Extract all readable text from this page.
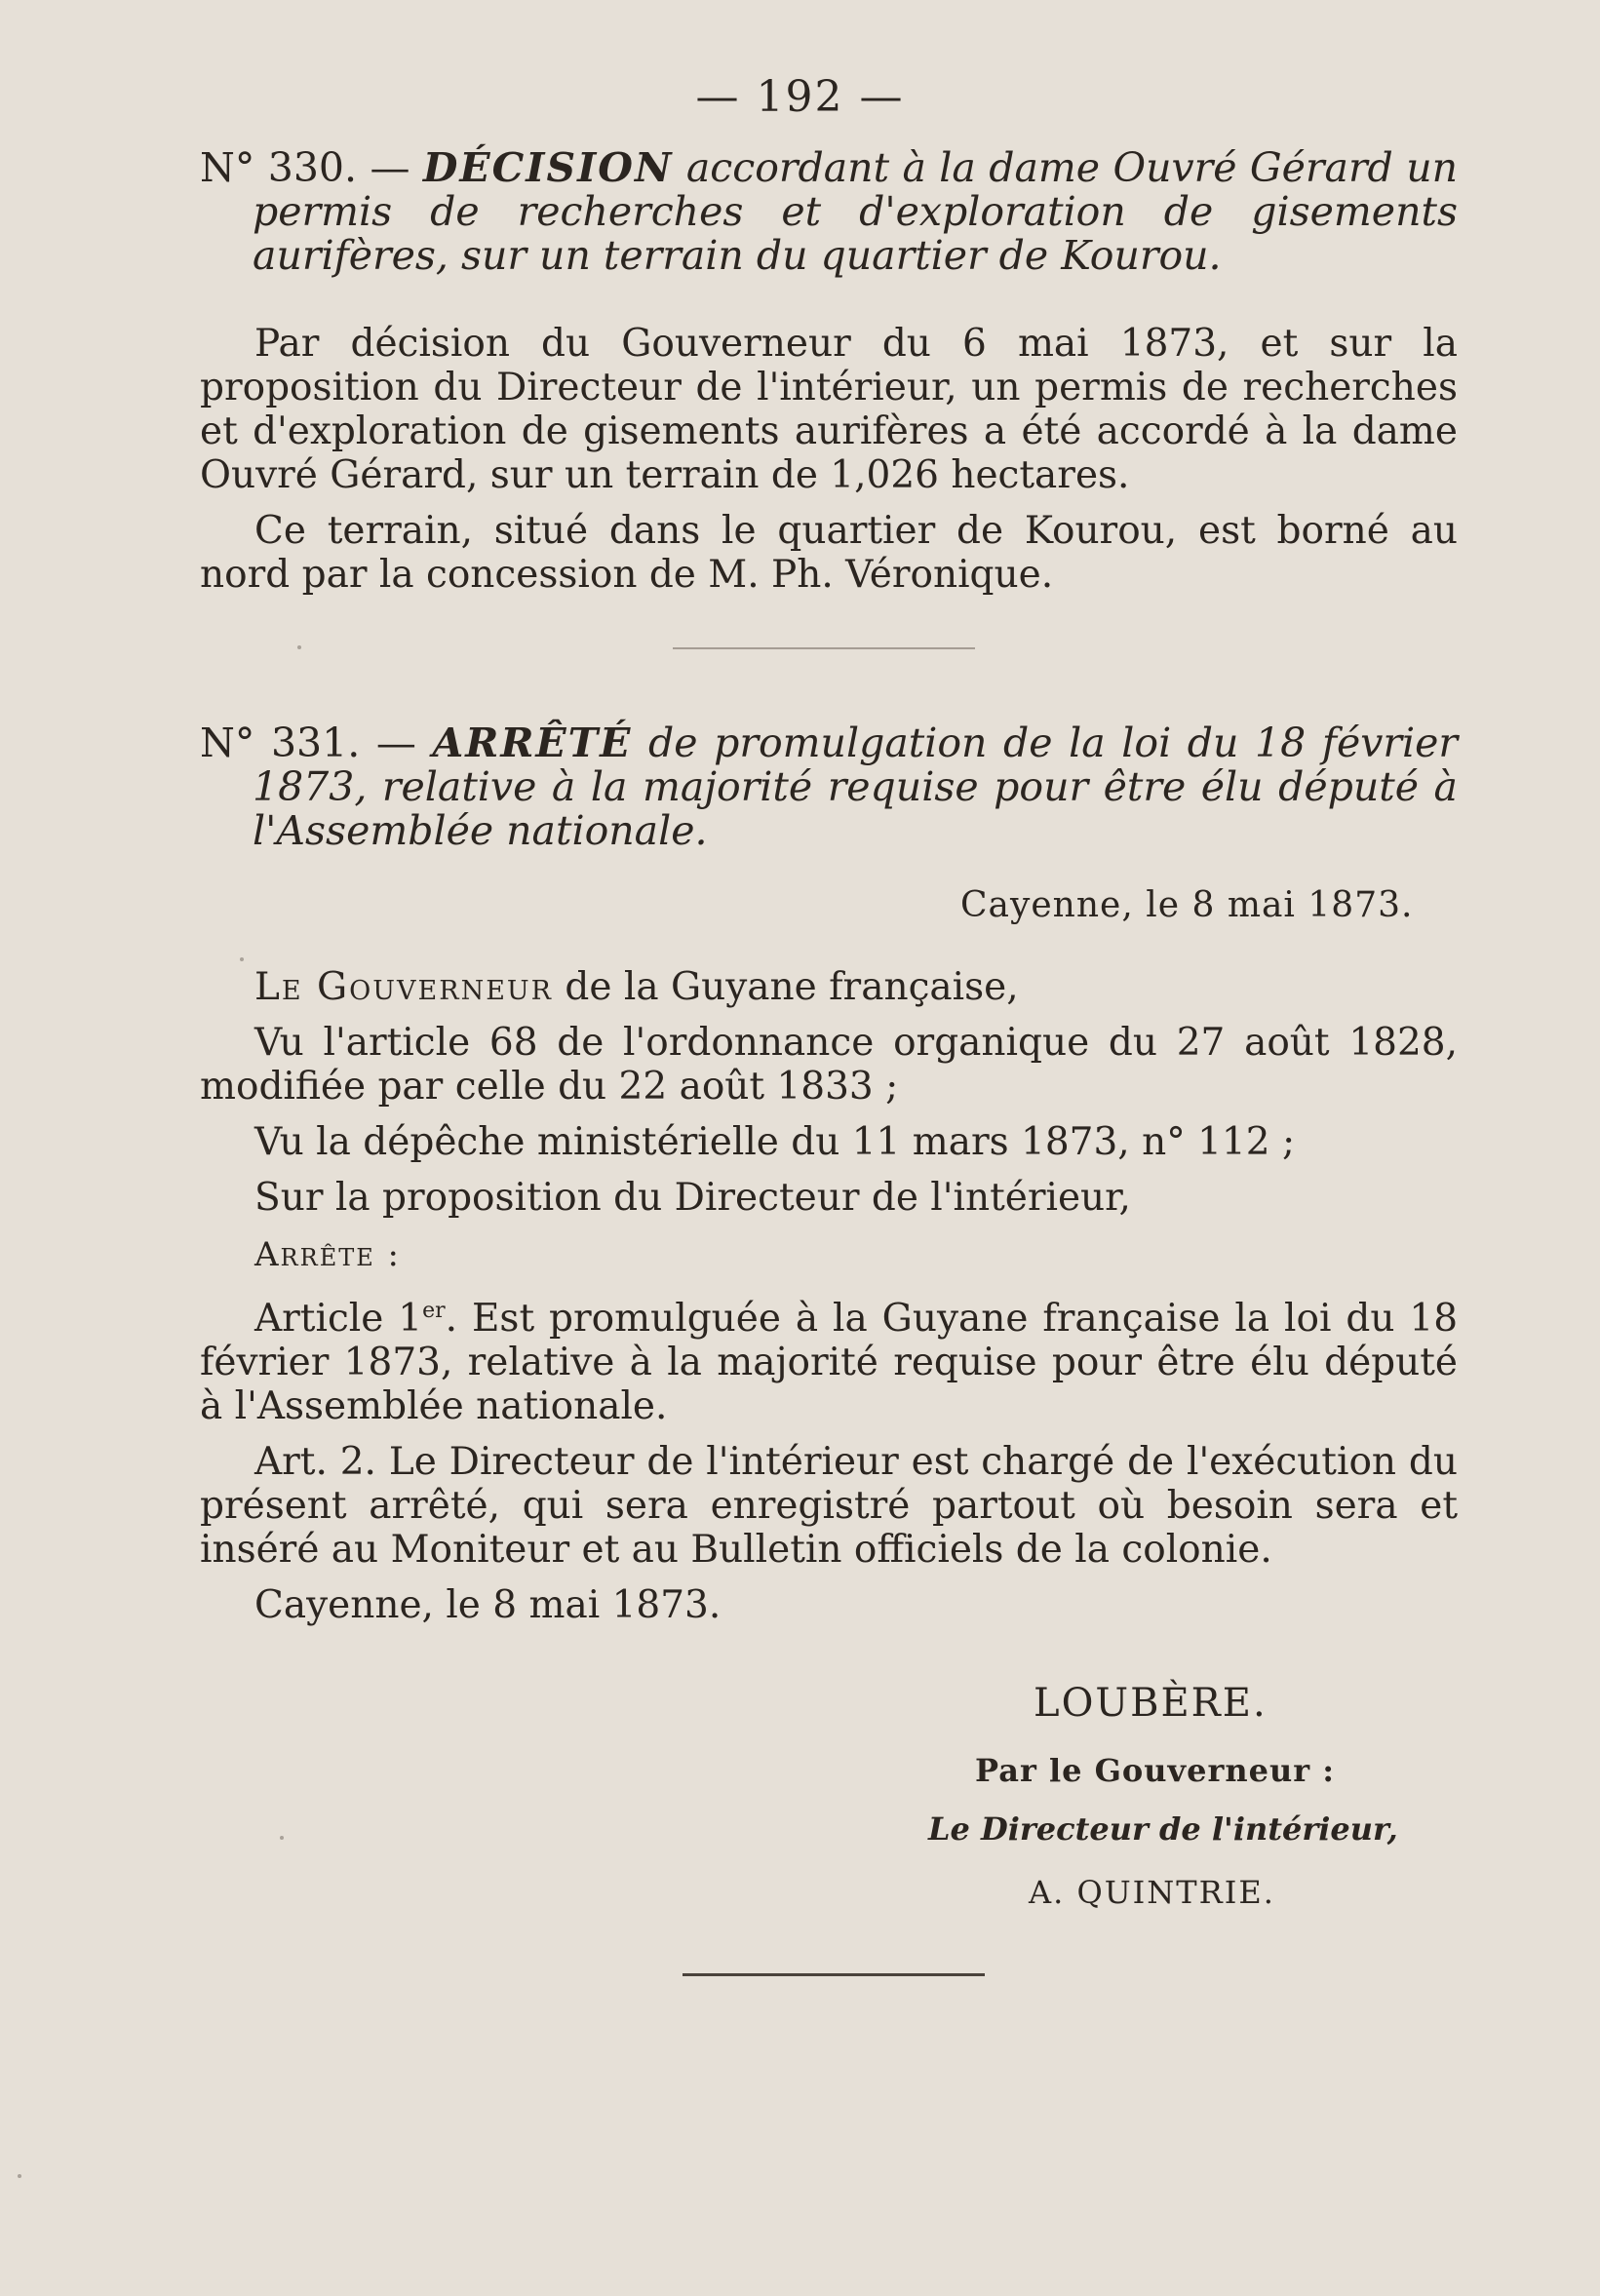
— 192 —
N° 330. — DÉCISION accordant à la dame Ouvré Gérard un permis de recherches et d'exploration de gisements aurifères, sur un terrain du quartier de Kourou.

Par décision du Gouverneur du 6 mai 1873, et sur la proposition du Directeur de l'intérieur, un permis de recherches et d'exploration de gisements aurifères a été accordé à la dame Ouvré Gérard, sur un terrain de 1,026 hectares.

Ce terrain, situé dans le quartier de Kourou, est borné au nord par la concession de M. Ph. Véronique.

N° 331. — ARRÊTÉ de promulgation de la loi du 18 février 1873, relative à la majorité requise pour être élu député à l'Assemblée nationale.
Cayenne, le 8 mai 1873.

Le Gouverneur de la Guyane française,

Vu l'article 68 de l'ordonnance organique du 27 août 1828, modifiée par celle du 22 août 1833 ;

Vu la dépêche ministérielle du 11 mars 1873, n° 112 ;

Sur la proposition du Directeur de l'intérieur,

Arrête :

Article 1er. Est promulguée à la Guyane française la loi du 18 février 1873, relative à la majorité requise pour être élu député à l'Assemblée nationale.

Art. 2. Le Directeur de l'intérieur est chargé de l'exécution du présent arrêté, qui sera enregistré partout où besoin sera et inséré au Moniteur et au Bulletin officiels de la colonie.

Cayenne, le 8 mai 1873.

LOUBÈRE.
Par le Gouverneur :
Le Directeur de l'intérieur,
A. QUINTRIE.
